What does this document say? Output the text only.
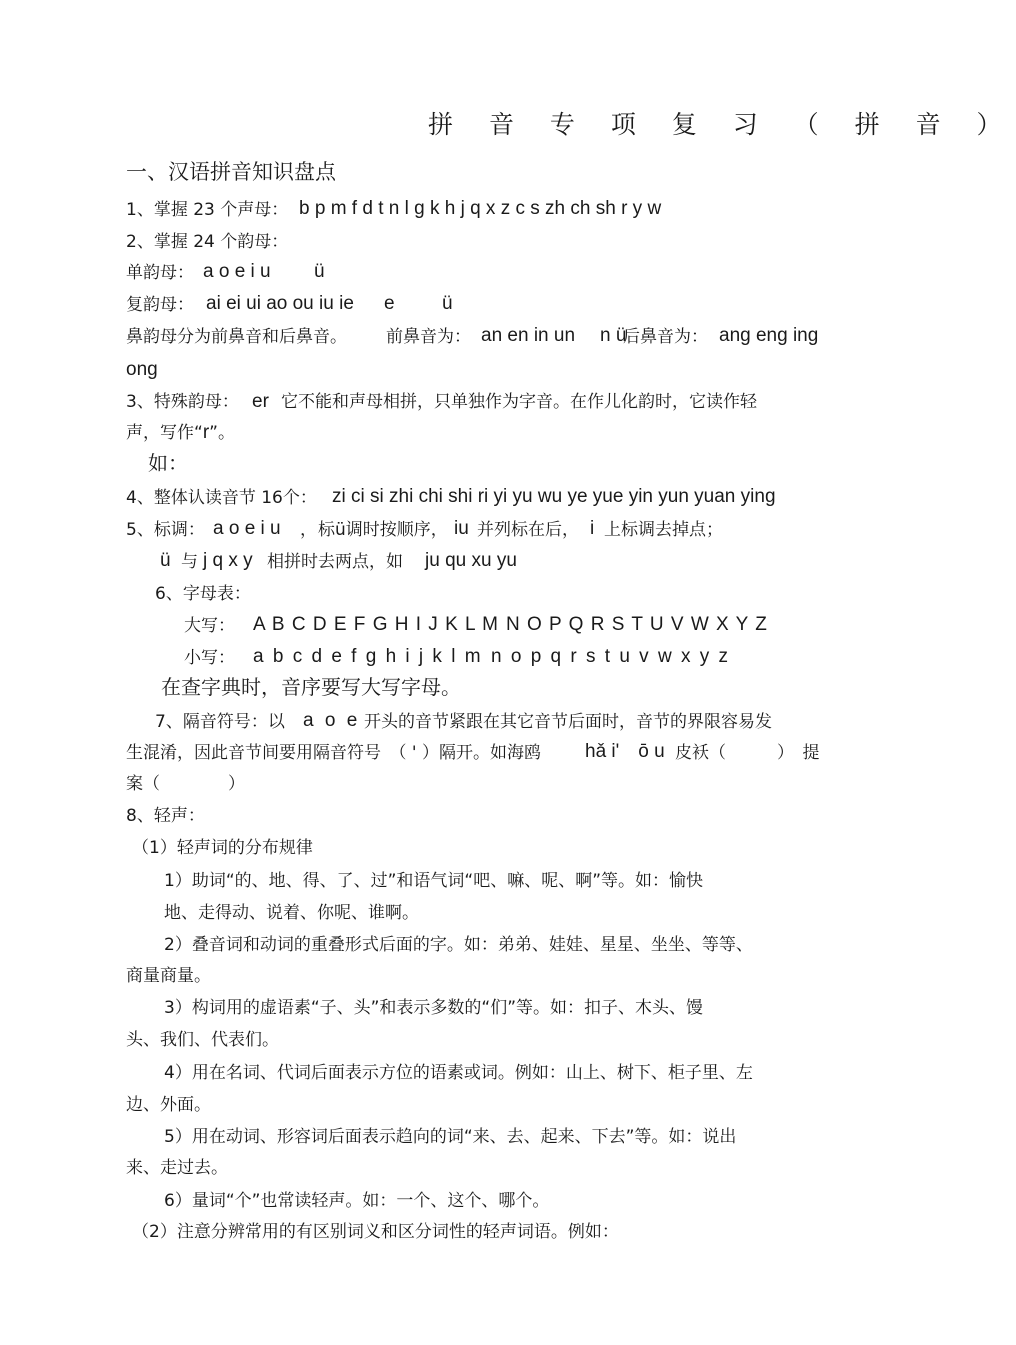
拼 音 专 项 复 习 （ 拼 音 ）
一、汉语拼音知识盘点
1、掌握 23 个声母： b p m f d t n l g k h j q x z c s zh ch sh r y w
2、掌握 24 个韵母：
单韵母： a o e i u ü
复韵母： ai ei ui ao ou iu ie e ü
鼻韵母分为前鼻音和后鼻音。 前鼻音为： an en in un n ü
后鼻音为： ang eng ing
ong
3、特殊韵母： er 它不能和声母相拼，只单独作为字音。在作儿化韵时，它读作轻
声，写作“r”。
如：
4、整体认读音节 16个： zi ci si zhi chi shi ri yi yu wu ye yue yin yun yuan ying
5、标调： a o e i u ， 标ü调时按顺序， iu 并列标在后， i 上标调去掉点；
ü 与 j q x y 相拼时去两点，如 ju qu xu yu
6、字母表：
大写： A B C D E F G H I J K L M N O P Q R S T U V W X Y Z
小写： a b c d e f g h i j k l m n o p q r s t u v w x y z
在查字典时，音序要写大写字母。
7、隔音符号：以 a o e 开头的音节紧跟在其它音节后面时，音节的界限容易发
生混淆，因此音节间要用隔音符号　（ ' ）隔开。如海鸥 hǎ i'　ō u 皮袄（　　　）　提
案（　　　　）
8、轻声：
（1）轻声词的分布规律
1）助词“的、地、得、了、过”和语气词“吧、嘛、呢、啊”等。如：愉快
地、走得动、说着、你呢、谁啊。
2）叠音词和动词的重叠形式后面的字。如：弟弟、娃娃、星星、坐坐、等等、
商量商量。
3）构词用的虚语素“子、头”和表示多数的“们”等。如：扣子、木头、馒
头、我们、代表们。
4）用在名词、代词后面表示方位的语素或词。例如：山上、树下、柜子里、左
边、外面。
5）用在动词、形容词后面表示趋向的词“来、去、起来、下去”等。如：说出
来、走过去。
6）量词“个”也常读轻声。如：一个、这个、哪个。
（2）注意分辨常用的有区别词义和区分词性的轻声词语。例如：
